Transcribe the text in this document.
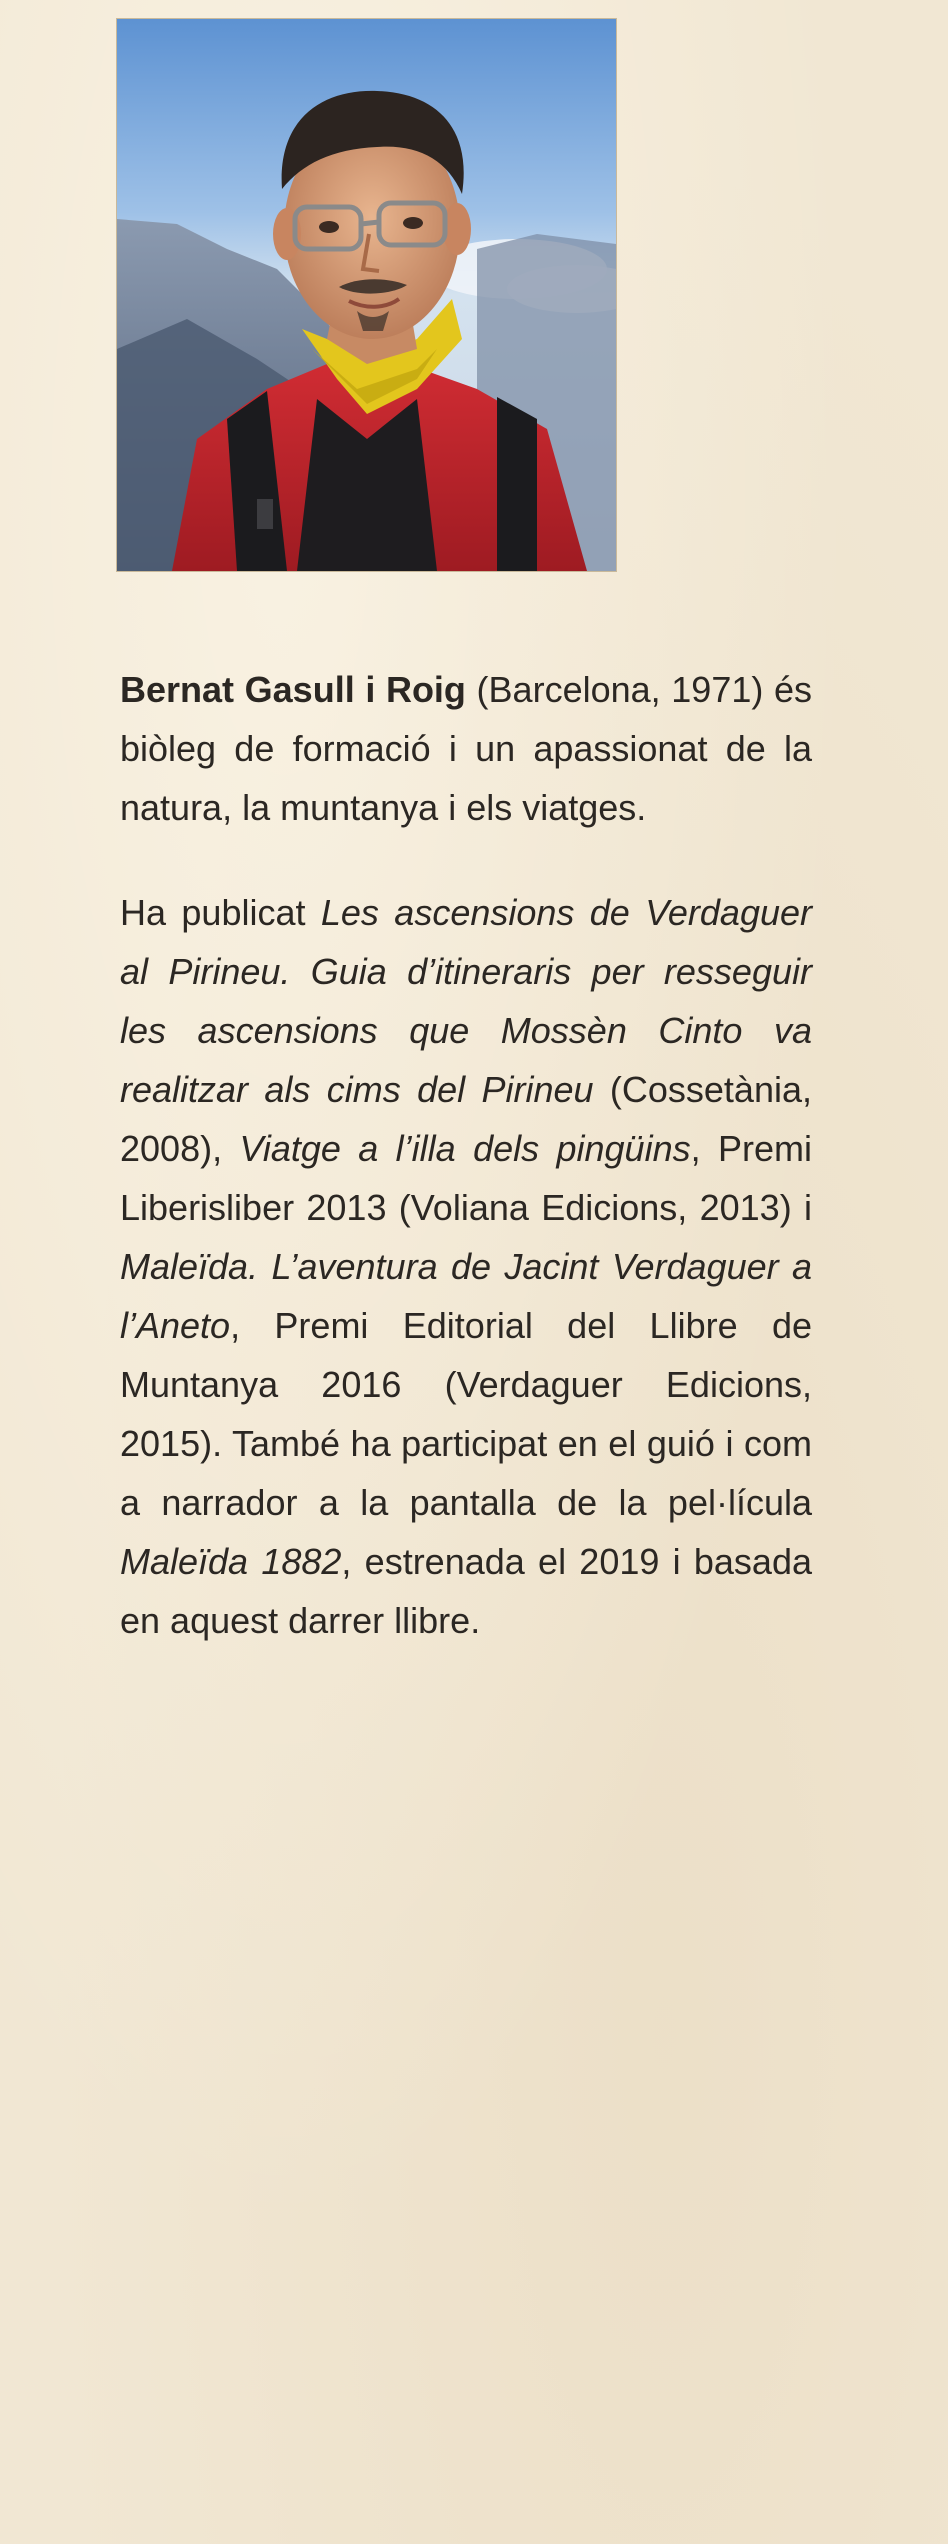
Bernat Gasull i Roig (Barcelona, 1971) és biòleg de formació i un apassionat de la natura, la muntanya i els viatges.

Ha publicat Les ascensions de Verdaguer al Pirineu. Guia d’itineraris per resseguir les ascensions que Mossèn Cinto va realitzar als cims del Pirineu (Cossetània, 2008), Viatge a l’illa dels pingüins, Premi Liberisliber 2013 (Voliana Edicions, 2013) i Maleïda. L’aventura de Jacint Verdaguer a l’Aneto, Premi Editorial del Llibre de Muntanya 2016 (Verdaguer Edicions, 2015). També ha participat en el guió i com a narrador a la pantalla de la pel·lícula Maleïda 1882, estrenada el 2019 i basada en aquest darrer llibre.
